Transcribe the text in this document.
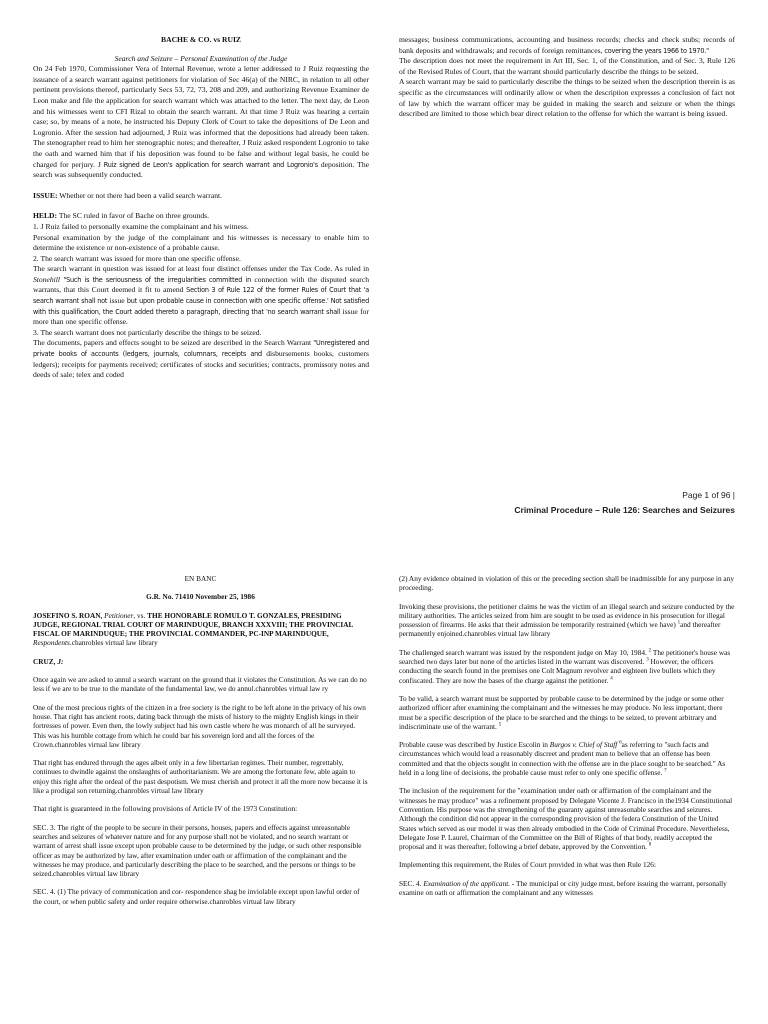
BACHE & CO. vs RUIZ

Search and Seizure – Personal Examination of the Judge

On 24 Feb 1970, Commissioner Vera of Internal Revenue, wrote a letter addressed to J Ruiz requesting the issuance of a search warrant against petitioners for violation of Sec 46(a) of the NIRC, in relation to all other pertinent provisions thereof, particularly Secs 53, 72, 73, 208 and 209, and authorizing Revenue Examiner de Leon make and file the application for search warrant which was attached to the letter. The next day, de Leon and his witnesses went to CFI Rizal to obtain the search warrant. At that time J Ruiz was hearing a certain case; so, by means of a note, he instructed his Deputy Clerk of Court to take the depositions of De Leon and Logronio. After the session had adjourned, J Ruiz was informed that the depositions had already been taken. The stenographer read to him her stenographic notes; and thereafter, J Ruiz asked respondent Logronio to take the oath and warned him that if his deposition was found to be false and without legal basis, he could be charged for perjury. J Ruiz signed de Leon's application for search warrant and Logronio's deposition. The search was subsequently conducted.

ISSUE: Whether or not there had been a valid search warrant.

HELD: The SC ruled in favor of Bache on three grounds.

1. J Ruiz failed to personally examine the complainant and his witness.

Personal examination by the judge of the complainant and his witnesses is necessary to enable him to determine the existence or non-existence of a probable cause.

2. The search warrant was issued for more than one specific offense.

The search warrant in question was issued for at least four distinct offenses under the Tax Code. As ruled in Stonehill "Such is the seriousness of the irregularities committed in connection with the disputed search warrants, that this Court deemed it fit to amend Section 3 of Rule 122 of the former Rules of Court that 'a search warrant shall not issue but upon probable cause in connection with one specific offense.' Not satisfied with this qualification, the Court added thereto a paragraph, directing that 'no search warrant shall issue for more than one specific offense.

3. The search warrant does not particularly describe the things to be seized.

The documents, papers and effects sought to be seized are described in the Search Warrant "Unregistered and private books of accounts (ledgers, journals, columnars, receipts and disbursements books, customers ledgers); receipts for payments received; certificates of stocks and securities; contracts, promissory notes and deeds of sale; telex and coded

messages; business communications, accounting and business records; checks and check stubs; records of bank deposits and withdrawals; and records of foreign remittances, covering the years 1966 to 1970."

The description does not meet the requirement in Art III, Sec. 1, of the Constitution, and of Sec. 3, Rule 126 of the Revised Rules of Court, that the warrant should particularly describe the things to be seized.

A search warrant may be said to particularly describe the things to be seized when the description therein is as specific as the circumstances will ordinarily allow or when the description expresses a conclusion of fact not of law by which the warrant officer may be guided in making the search and seizure or when the things described are limited to those which bear direct relation to the offense for which the warrant is being issued.

Page 1 of 96 |
Criminal Procedure – Rule 126: Searches and Seizures

EN BANC

G.R. No. 71410 November 25, 1986

JOSEFINO S. ROAN, Petitioner, vs. THE HONORABLE ROMULO T. GONZALES, PRESIDING JUDGE, REGIONAL TRIAL COURT OF MARINDUQUE, BRANCH XXXVIII; THE PROVINCIAL FISCAL OF MARINDUQUE; THE PROVINCIAL COMMANDER, PC-INP MARINDUQUE, Respondents.chanrobles virtual law library

CRUZ, J:

Once again we are asked to annul a search warrant on the ground that it violates the Constitution. As we can do no less if we are to be true to the mandate of the fundamental law, we do annul.chanrobles virtual law ry

One of the most precious rights of the citizen in a free society is the right to be left alone in the privacy of his own house. That right has ancient roots, dating back through the mists of history to the mighty English kings in their fortresses of power. Even then, the lowly subject had his own castle where he was monarch of all he surveyed. This was his humble cottage from which he could bar his sovereign lord and all the forces of the Crown.chanrobles virtual law library

That right has endured through the ages albeit only in a few libertarian regimes. Their number, regrettably, continues to dwindle against the onslaughts of authoritarianism. We are among the fortunate few, able again to enjoy this right after the ordeal of the past despotism. We must cherish and protect it all the more now because it is like a prodigal son returning.chanrobles virtual law library

That right is guaranteed in the following provisions of Article IV of the 1973 Constitution:

SEC. 3. The right of the people to be secure in their persons, houses, papers and effects against unreasonable searches and seizures of whatever nature and for any purpose shall not be violated, and no search warrant or warrant of arrest shall issue except upon probable cause to be determined by the judge, or such other responsible officer as may be authorized by law, after examination under oath or affirmation of the complainant and the witnesses he may produce, and particularly describing the place to be searched, and the persons or things to be seized.chanrobles virtual law library

SEC. 4. (1) The privacy of communication and cor- respondence shag be inviolable except upon lawful order of the court, or when public safety and order require otherwise.chanrobles virtual law library

(2) Any evidence obtained in violation of this or the preceding section shall be inadmissible for any purpose in any proceeding.

Invoking these provisions, the petitioner claims he was the victim of an illegal search and seizure conducted by the military authorities. The articles seized from him are sought to be used as evidence in his prosecution for illegal possession of firearms. He asks that their admission be temporarily restrained (which we have) $^1$and thereafter permanently enjoined.chanrobles virtual law library

The challenged search warrant was issued by the respondent judge on May 10, 1984. $^2$ The petitioner's house was searched two days later but none of the articles listed in the warrant was discovered. $^3$ However, the officers conducting the search found in the premises one Colt Magnum revolver and eighteen live bullets which they confiscated. They are now the bases of the charge against the petitioner. $^4$

To be valid, a search warrant must be supported by probable cause to be determined by the judge or some other authorized officer after examining the complainant and the witnesses he may produce. No less important, there must be a specific description of the place to be searched and the things to be seized, to prevent arbitrary and indiscriminate use of the warrant. $^5$

Probable cause was described by Justice Escolin in Burgos v. Chief of Staff $^6$as referring to "such facts and circumstances which would lead a reasonably discreet and prudent man to believe that an offense has been committed and that the objects sought in connection with the offense are in the place sought to be searched." As held in a long line of decisions, the probable cause must refer to only one specific offense. $^7$

The inclusion of the requirement for the "examination under oath or affirmation of the complainant and the witnesses he may produce" was a refinement proposed by Delegate Vicente J. Francisco in the1934 Constitutional Convention. His purpose was the strengthening of the guaranty against unreasonable searches and seizures. Although the condition did not appear in the corresponding provision of the federa Constitution of the United States which served as our model it was then already embodied in the Code of Criminal Procedure. Nevertheless, Delegate Jose P. Laurel, Chairman of the Committee on the Bill of Rights of that body, readily accepted the proposal and it was thereafter, following a brief debate, approved by the Convention. $^8$

Implementing this requirement, the Rules of Court provided in what was then Rule 126:

SEC. 4. Examination of the applicant. - The municipal or city judge must, before issuing the warrant, personally examine on oath or affirmation the complainant and any witnesses
